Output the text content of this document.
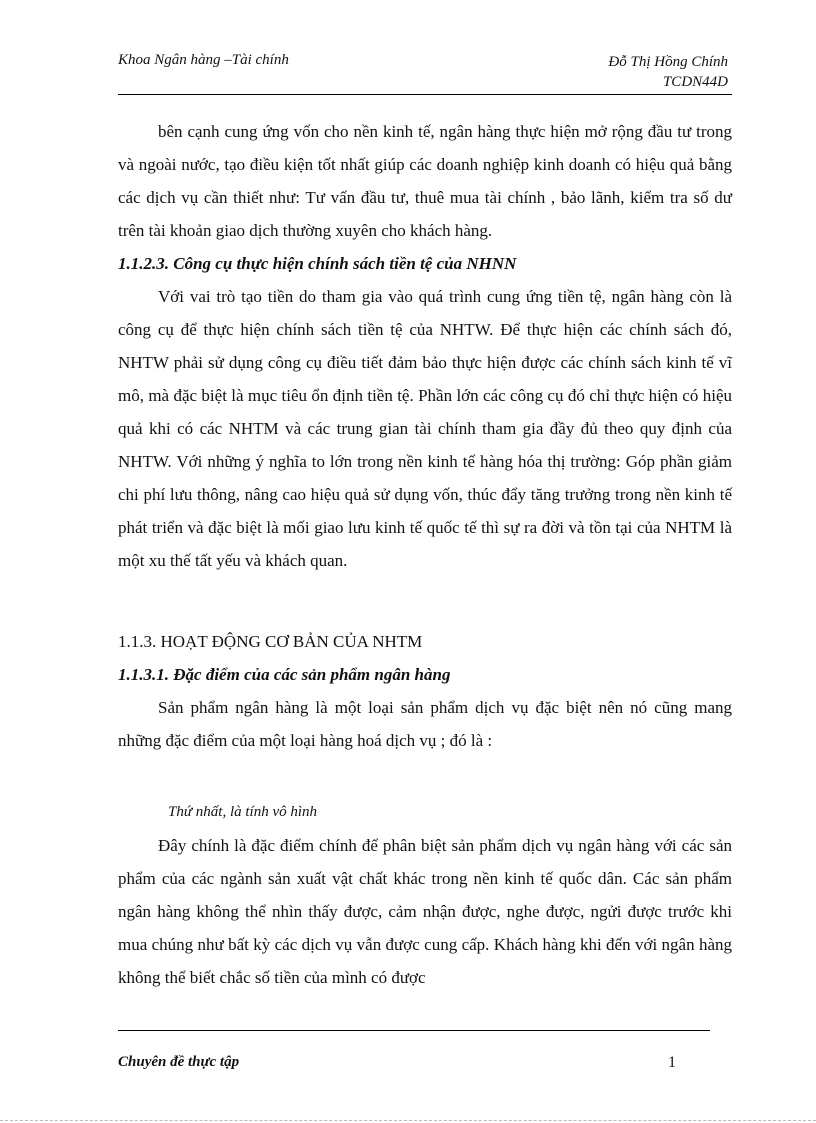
Khoa Ngân hàng –Tài chính	Đỗ Thị Hồng Chính
TCDN44D

bên cạnh cung ứng vốn cho nền kinh tế, ngân hàng thực hiện mở rộng đầu tư trong và ngoài nước, tạo điều kiện tốt nhất giúp các doanh nghiệp kinh doanh có hiệu quả bằng các dịch vụ cần thiết như: Tư vấn đầu tư, thuê mua tài chính , bảo lãnh, kiểm tra số dư trên tài khoản giao dịch thường xuyên cho khách hàng.

1.1.2.3. Công cụ thực hiện chính sách tiền tệ của NHNN

Với vai trò tạo tiền do tham gia vào quá trình cung ứng tiền tệ, ngân hàng còn là công cụ để thực hiện chính sách tiền tệ của NHTW. Để thực hiện các chính sách đó, NHTW phải sử dụng công cụ điều tiết đảm bảo thực hiện được các chính sách kinh tế vĩ mô, mà đặc biệt là mục tiêu ổn định tiền tệ. Phần lớn các công cụ đó chỉ thực hiện có hiệu quả khi có các NHTM và các trung gian tài chính tham gia đầy đủ theo quy định của NHTW. Với những ý nghĩa to lớn trong nền kinh tế hàng hóa thị trường: Góp phần giảm chi phí lưu thông, nâng cao hiệu quả sử dụng vốn, thúc đẩy tăng trưởng trong nền kinh tế phát triển và đặc biệt là mối giao lưu kinh tế quốc tế thì sự ra đời và tồn tại của NHTM là một xu thế tất yếu và khách quan.

1.1.3. HOẠT ĐỘNG CƠ BẢN CỦA NHTM

1.1.3.1. Đặc điểm của các sản phẩm ngân hàng

Sản phẩm ngân hàng là một loại sản phẩm dịch vụ đặc biệt nên nó cũng mang những đặc điểm của một loại hàng hoá dịch vụ ; đó là :

Thứ nhất, là tính vô hình

Đây chính là đặc điểm chính để phân biệt sản phẩm dịch vụ ngân hàng với các sản phẩm của các ngành sản xuất vật chất khác trong nền kinh tế quốc dân. Các sản phẩm ngân hàng không thể nhìn thấy được, cảm nhận được, nghe được, ngửi được trước khi mua chúng như bất kỳ các dịch vụ vẫn được cung cấp. Khách hàng khi đến với ngân hàng không thể biết chắc số tiền của mình có được

Chuyên đề thực tập	1
